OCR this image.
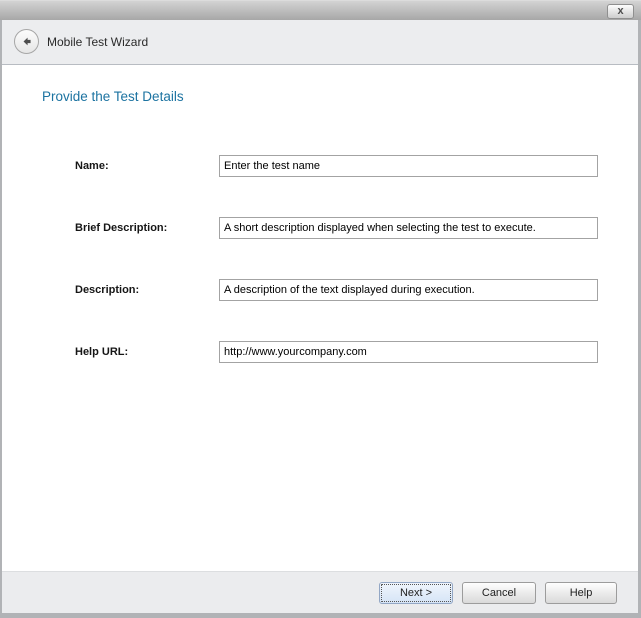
x
Mobile Test Wizard
Provide the Test Details
Name:
Enter the test name
Brief Description:
A short description displayed when selecting the test to execute.
Description:
A description of the text displayed during execution.
Help URL:
http://www.yourcompany.com
Next >	Cancel	Help
